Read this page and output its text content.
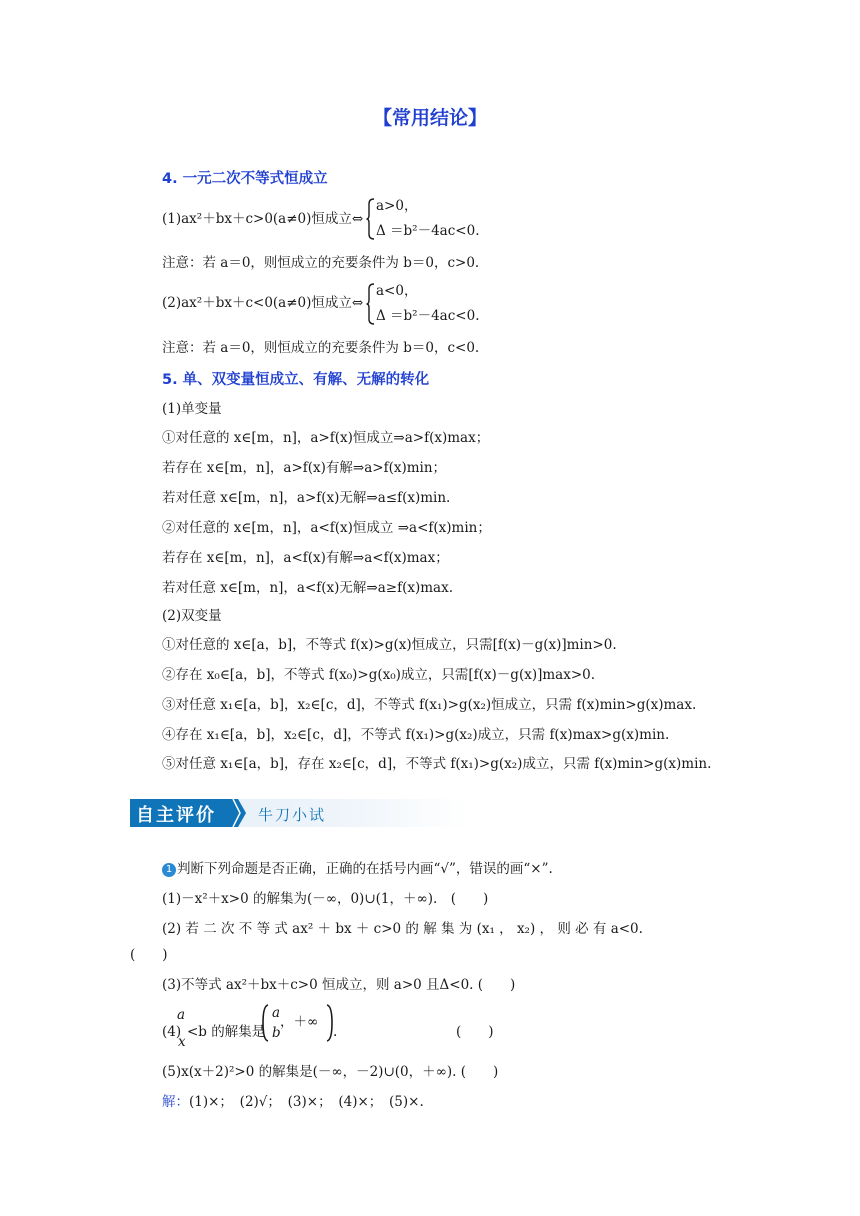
【常用结论】
4. 一元二次不等式恒成立
(1)ax²＋bx＋c>0(a≠0)恒成立⇔
a>0，
Δ ＝b²－4ac<0.
注意：若 a＝0，则恒成立的充要条件为 b＝0，c>0.
(2)ax²＋bx＋c<0(a≠0)恒成立⇔
a<0，
Δ ＝b²－4ac<0.
注意：若 a＝0，则恒成立的充要条件为 b＝0，c<0.
5. 单、双变量恒成立、有解、无解的转化
(1)单变量
①对任意的 x∈[m，n]，a>f(x)恒成立⇒a>f(x)max；
若存在 x∈[m，n]，a>f(x)有解⇒a>f(x)min；
若对任意 x∈[m，n]，a>f(x)无解⇒a≤f(x)min.
②对任意的 x∈[m，n]，a<f(x)恒成立 ⇒a<f(x)min；
若存在 x∈[m，n]，a<f(x)有解⇒a<f(x)max；
若对任意 x∈[m，n]，a<f(x)无解⇒a≥f(x)max.
(2)双变量
①对任意的 x∈[a，b]，不等式 f(x)>g(x)恒成立，只需[f(x)－g(x)]min>0.
②存在 x₀∈[a，b]，不等式 f(x₀)>g(x₀)成立，只需[f(x)－g(x)]max>0.
③对任意 x₁∈[a，b]，x₂∈[c，d]，不等式 f(x₁)>g(x₂)恒成立，只需 f(x)min>g(x)max.
④存在 x₁∈[a，b]，x₂∈[c，d]，不等式 f(x₁)>g(x₂)成立，只需 f(x)max>g(x)min.
⑤对任意 x₁∈[a，b]，存在 x₂∈[c，d]，不等式 f(x₁)>g(x₂)成立，只需 f(x)min>g(x)min.
自主评价	牛刀小试
1 判断下列命题是否正确，正确的在括号内画“√”，错误的画“×”.
(1)－x²＋x>0 的解集为(－∞，0)∪(1，＋∞).　(　　)
(2) 若 二 次 不 等 式 ax² ＋ bx ＋ c>0 的 解 集 为 (x₁ ， x₂) ， 则 必 有 a<0.
(　　)
(3)不等式 ax²＋bx＋c>0 恒成立，则 a>0 且Δ<0. (　　)
(4)
a
x
<b 的解集是
a
b
，＋∞
.	(　　)
(5)x(x＋2)²>0 的解集是(－∞，－2)∪(0，＋∞). (　　)
解：(1)×；　(2)√；　(3)×；　(4)×；　(5)×.
